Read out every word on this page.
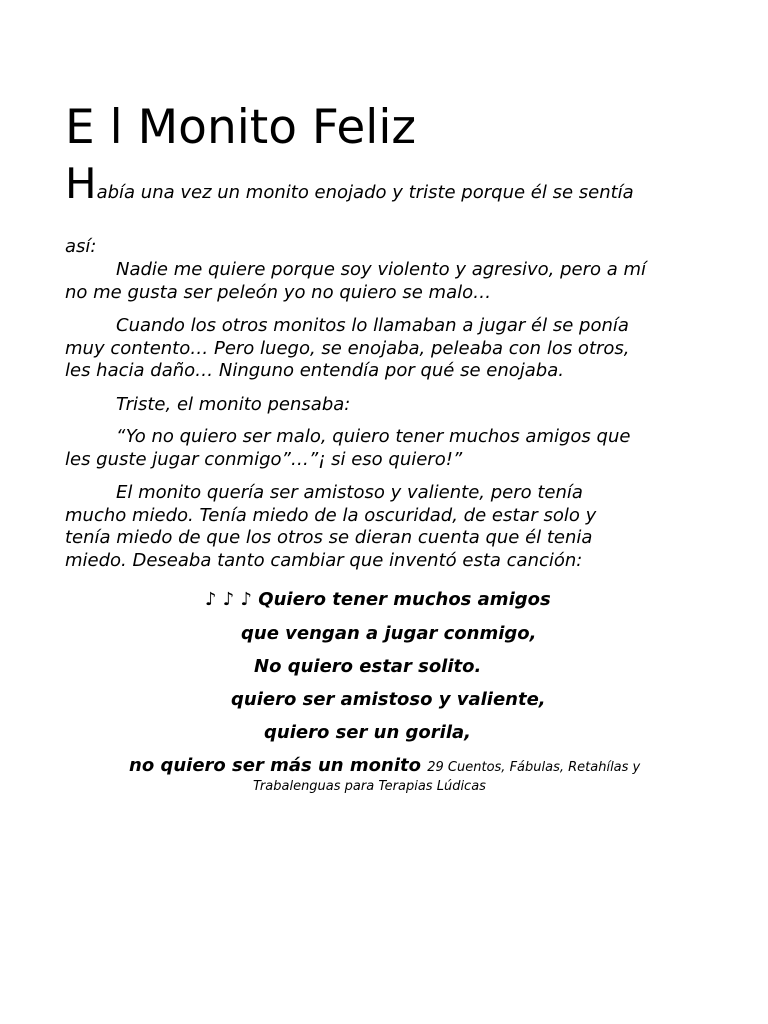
E l Monito Feliz
Había una vez un monito enojado y triste porque él se sentía

así:

Nadie me quiere porque soy violento y agresivo, pero a mí
no me gusta ser peleón yo no quiero se malo…

Cuando los otros monitos lo llamaban a jugar él se ponía
muy contento… Pero luego, se enojaba, peleaba con los otros,
les hacia daño… Ninguno entendía por qué se enojaba.

Triste, el monito pensaba:

“Yo no quiero ser malo, quiero tener muchos amigos que
les guste jugar conmigo”…”¡ si eso quiero!”

El monito quería ser amistoso y valiente, pero tenía
mucho miedo. Tenía miedo de la oscuridad, de estar solo y
tenía miedo de que los otros se dieran cuenta que él tenia
miedo. Deseaba tanto cambiar que inventó esta canción:

♪ ♪ ♪ Quiero tener muchos amigos
que vengan a jugar conmigo,
No quiero estar solito.
quiero ser amistoso y valiente,
quiero ser un gorila,
no quiero ser más un monito 29 Cuentos, Fábulas, Retahílas y
Trabalenguas para Terapias Lúdicas
